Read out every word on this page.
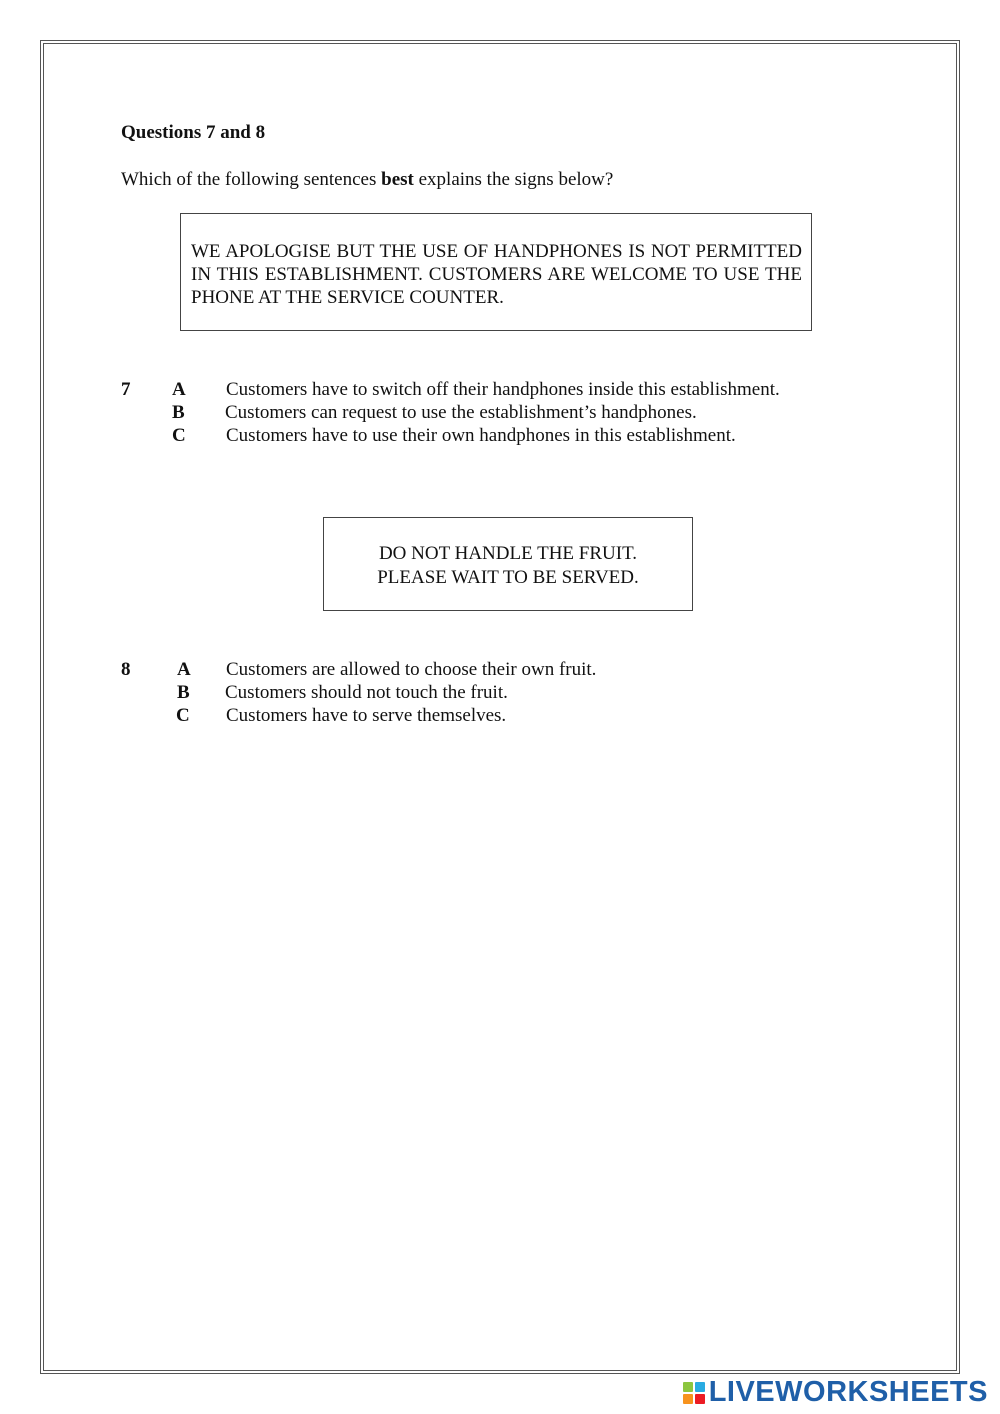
Questions 7 and 8
Which of the following sentences best explains the signs below?
WE APOLOGISE BUT THE USE OF HANDPHONES IS NOT PERMITTED IN THIS ESTABLISHMENT. CUSTOMERS ARE WELCOME TO USE THE PHONE AT THE SERVICE COUNTER.
7 A Customers have to switch off their handphones inside this establishment.
B Customers can request to use the establishment’s handphones.
C Customers have to use their own handphones in this establishment.
DO NOT HANDLE THE FRUIT.
PLEASE WAIT TO BE SERVED.
8 A Customers are allowed to choose their own fruit.
B Customers should not touch the fruit.
C Customers have to serve themselves.
LIVEWORKSHEETS
